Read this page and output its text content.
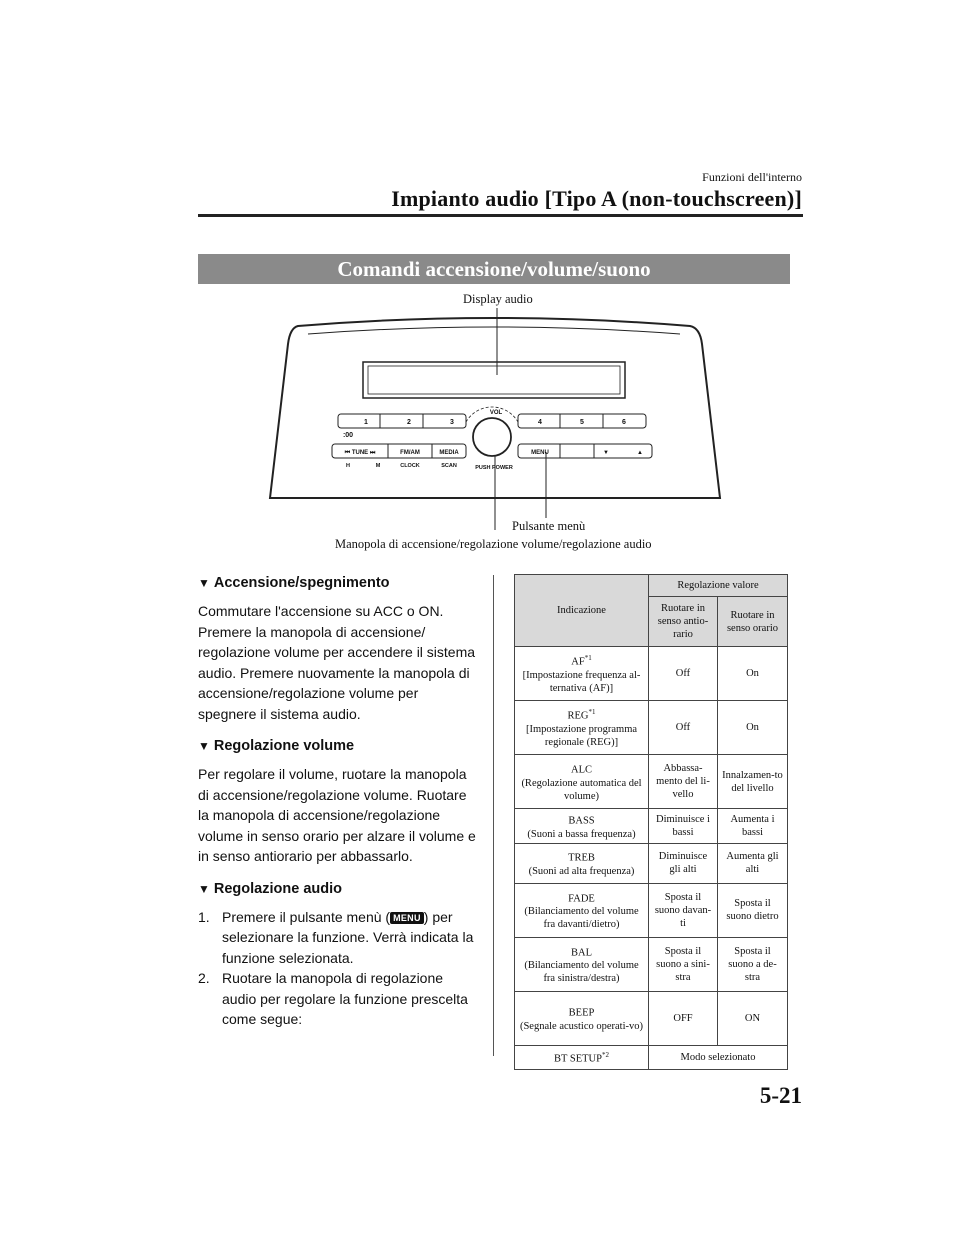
Funzioni dell'interno
Impianto audio [Tipo A (non-touchscreen)]
Comandi accensione/volume/suono
Display audio
Pulsante menù
Manopola di accensione/regolazione volume/regolazione audio
1	2	3
:00
⏮ TUNE ⏭	FM/AM	MEDIA
H	M	CLOCK	SCAN
4	5	6
MENU	▼	▲
VOL
PUSH POWER
▼ Accensione/spegnimento

Commutare l'accensione su ACC o ON. Premere la manopola di accensione/ regolazione volume per accendere il sistema audio. Premere nuovamente la manopola di accensione/regolazione volume per spegnere il sistema audio.

▼ Regolazione volume

Per regolare il volume, ruotare la manopola di accensione/regolazione volume. Ruotare la manopola di accensione/regolazione volume in senso orario per alzare il volume e in senso antiorario per abbassarlo.

▼ Regolazione audio
1. Premere il pulsante menù ( MENU ) per selezionare la funzione. Verrà indicata la funzione selezionata.
2. Ruotare la manopola di regolazione audio per regolare la funzione prescelta come segue:
Indicazione	Regolazione valore	
	Ruotare in senso antio-rario	Ruotare in senso orario
AF$^{*1}$
[Impostazione frequenza al-ternativa (AF)]	Off	On
REG$^{*1}$
[Impostazione programma regionale (REG)]	Off	On
ALC
(Regolazione automatica del volume)	Abbassa-mento del li-vello	Innalzamen-to del livello
BASS
(Suoni a bassa frequenza)	Diminuisce i bassi	Aumenta i bassi
TREB
(Suoni ad alta frequenza)	Diminuisce gli alti	Aumenta gli alti
FADE
(Bilanciamento del volume fra davanti/dietro)	Sposta il suono davan-ti	Sposta il suono dietro
BAL
(Bilanciamento del volume fra sinistra/destra)	Sposta il suono a sini-stra	Sposta il suono a de-stra
BEEP
(Segnale acustico operati-vo)	OFF	ON
BT SETUP$^{*2}$	Modo selezionato	
5-21
